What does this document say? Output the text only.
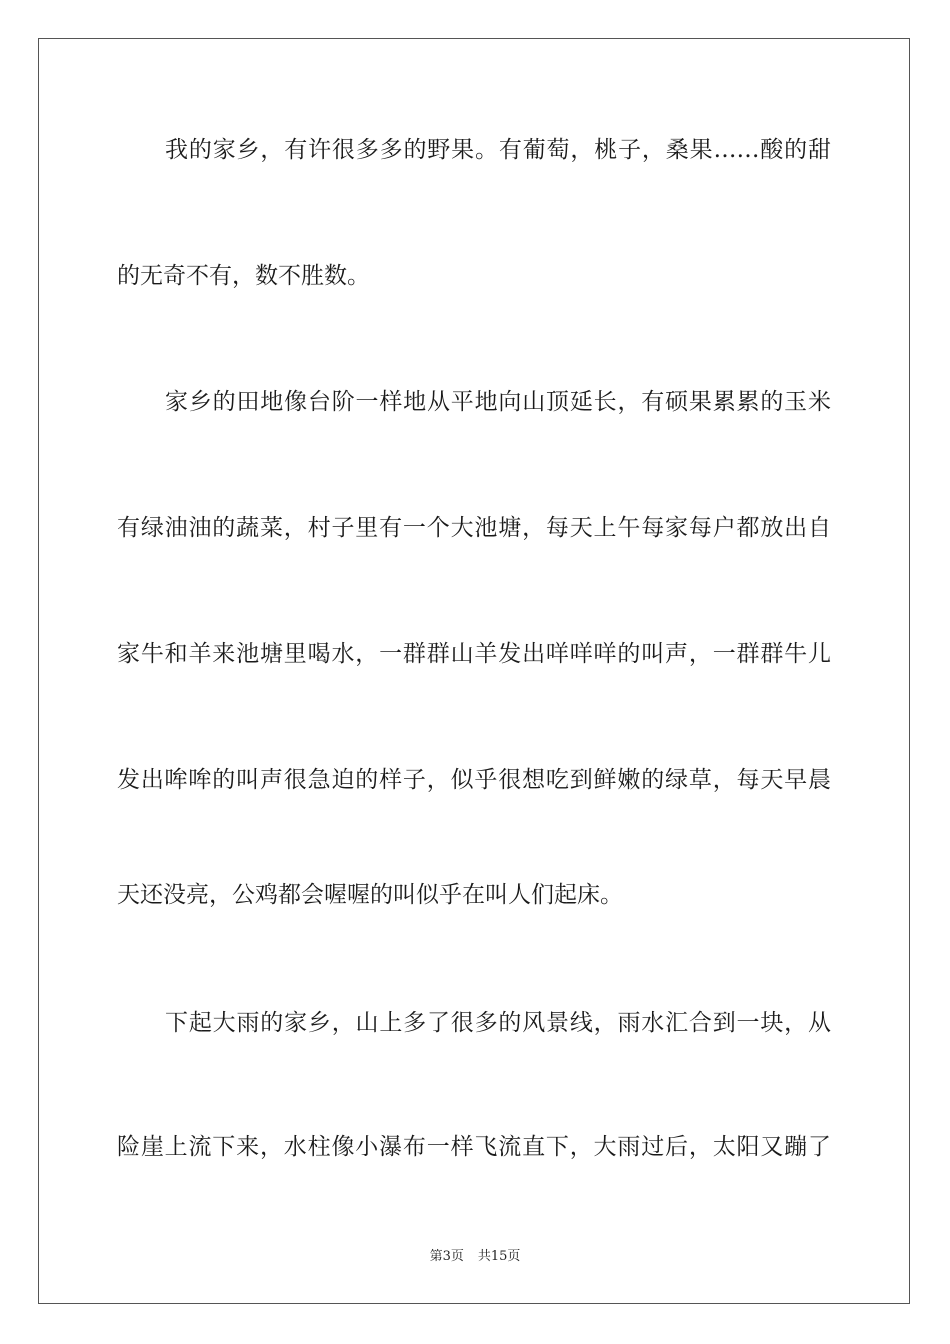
我的家乡，有许很多多的野果。有葡萄，桃子，桑果……酸的甜
的无奇不有，数不胜数。
家乡的田地像台阶一样地从平地向山顶延长，有硕果累累的玉米
有绿油油的蔬菜，村子里有一个大池塘，每天上午每家每户都放出自
家牛和羊来池塘里喝水，一群群山羊发出咩咩咩的叫声，一群群牛儿
发出哞哞的叫声很急迫的样子，似乎很想吃到鲜嫩的绿草，每天早晨
天还没亮，公鸡都会喔喔的叫似乎在叫人们起床。
下起大雨的家乡，山上多了很多的风景线，雨水汇合到一块，从
险崖上流下来，水柱像小瀑布一样飞流直下，大雨过后，太阳又蹦了
第3页 共15页
